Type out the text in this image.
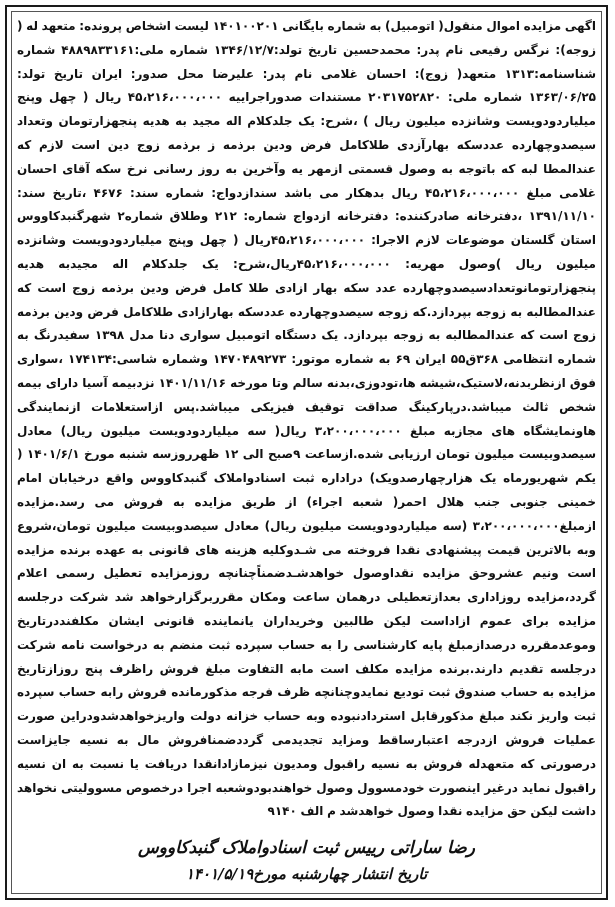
اگهی مزایده اموال منقول( اتومبیل) به شماره بایگانی ۱۴۰۱۰۰۲۰۱ لیست اشخاص پرونده: متعهد له ( زوجه): نرگس رفیعی نام پدر: محمدحسین تاریخ تولد:۱۳۴۶/۱۲/۷ شماره ملی:۴۸۸۹۸۳۳۱۶۱ شماره شناسنامه:۱۳۱۳ متعهد( زوج): احسان غلامی نام پدر: علیرضا محل صدور: ایران تاریخ تولد: ۱۳۶۳/۰۶/۲۵ شماره ملی: ۲۰۳۱۷۵۲۸۲۰ مستندات صدوراجراییه ۴۵،۲۱۶،۰۰۰،۰۰۰ ریال ( چهل وپنج میلیاردودویست وشانزده میلیون ریال ) ،شرح: یک جلدکلام اله مجید به هدیه پنجهزارتومان وتعداد سیصدوچهارده عددسکه بهارآزدی طلاکامل فرض ودین برذمه ز برذمه زوج دین است لازم که عندالمطا لبه که باتوجه به وصول قسمتی ازمهر یه وآخرین به روز رسانی نرخ سکه آقای احسان غلامی مبلغ ۴۵،۲۱۶،۰۰۰،۰۰۰ ریال بدهکار می باشد سندازدواج: شماره سند: ۴۶۷۶ ،تاریخ سند: ۱۳۹۱/۱۱/۱۰ ،دفترخانه صادرکننده: دفترخانه ازدواج شماره: ۲۱۲ وطلاق شماره۲ شهرگنبدکاووس استان گلستان موضوعات لازم الاجرا: ۴۵،۲۱۶،۰۰۰،۰۰۰ریال ( چهل وپنج میلیاردودویست وشانزده میلیون ریال )وصول مهریه: ۴۵،۲۱۶،۰۰۰،۰۰۰ریال،شرح: یک جلدکلام اله مجیدبه هدیه پنجهزارتومانوتعدادسیصدوچهارده عدد سکه بهار ازادی طلا کامل فرض ودین برذمه زوج است که عندالمطالبه به زوجه بپردازد.که زوجه سیصدوچهارده عددسکه بهارازادی طلاکامل فرض ودین برذمه زوج است که عندالمطالبه به زوجه بپردازد. یک دستگاه اتومبیل سواری دنا مدل ۱۳۹۸ سفیدرنگ به شماره انتظامی ۳۶۸ق۵۵ ایران ۶۹ به شماره موتور: ۱۴۷۰۴۸۹۲۷۳ وشماره شاسی:۱۷۴۱۳۴ ،سواری فوق ازنظربدنه،لاستیک،شیشه ها،تودوزی،بدنه سالم وتا مورخه ۱۴۰۱/۱۱/۱۶ نزدبیمه آسیا دارای بیمه شخص ثالث میباشد.درپارکینگ صداقت توقیف فیزیکی میباشد.پس ازاستعلامات ازنمایندگی هاونمایشگاه های مجازبه مبلغ ۳،۲۰۰،۰۰۰،۰۰۰ ریال( سه میلیاردودویست میلیون ریال) معادل سیصدوبیست میلیون تومان ارزیابی شده.ازساعت ۹صبح الی ۱۲ ظهرروزسه شنبه مورخ ۱۴۰۱/۶/۱ ( یکم شهریورماه یک هزارچهارصدویک) دراداره ثبت اسنادواملاک گنبدکاووس واقع درخیابان امام خمینی جنوبی جنب هلال احمر( شعبه اجراء) از طریق مزایده به فروش می رسد.مزایده ازمبلغ۳،۲۰۰،۰۰۰،۰۰۰ (سه میلیاردودویست میلیون ریال) معادل سیصدوبیست میلیون تومان،شروع وبه بالاترین قیمت پیشنهادی نقدا فروخته می شـدوکلیه هزینه های قانونی به عهده برنده مزایده است ونیم عشروحق مزایده نقداوصول خواهدشـدضمناًچنانچه روزمزایده تعطیل رسمی اعلام گردد،مزایده روزاداری بعدازتعطیلی درهمان ساعت ومکان مقرربرگزارخواهد شد شرکت درجلسه مزایده برای عموم ازاداست لیکن طالبین وخریداران یانماینده قانونی ایشان مکلفنددرتاریخ وموعدمقرره درصدازمبلغ پایه کارشناسی را به حساب سپرده ثبت منضم به درخواست نامه شرکت درجلسه تقدیم دارند.برنده مزایده مکلف است مابه التفاوت مبلغ فروش راظرف پنج روزازتاریخ مزایده به حساب صندوق ثبت تودیع نمایدوچنانچه ظرف فرجه مذکورمانده فروش رابه حساب سپرده ثبت واریز نکند مبلغ مذکورقابل استردادنبوده وبه حساب خزانه دولت واریزخواهدشدودراین صورت عملیات فروش ازدرجه اعتبارساقط ومزاید تجدیدمی گرددضمنافروش مال به نسیه جایزاست درصورتی که متعهدله فروش به نسیه راقبول ومدیون نیزمازادانقدا دریافت یا نسبت به ان نسیه راقبول نماید درغیر اینصورت خودمسوول وصول خواهندبودوشعبه اجرا درخصوص مسوولیتی نخواهد داشت لیکن حق مزایده نقدا وصول خواهدشد م الف ۹۱۴۰

رضا ساراتی رییس ثبت اسنادواملاک گنبدکاووس
تاریخ انتشار چهارشنبه مورخ۱۴۰۱/۵/۱۹
